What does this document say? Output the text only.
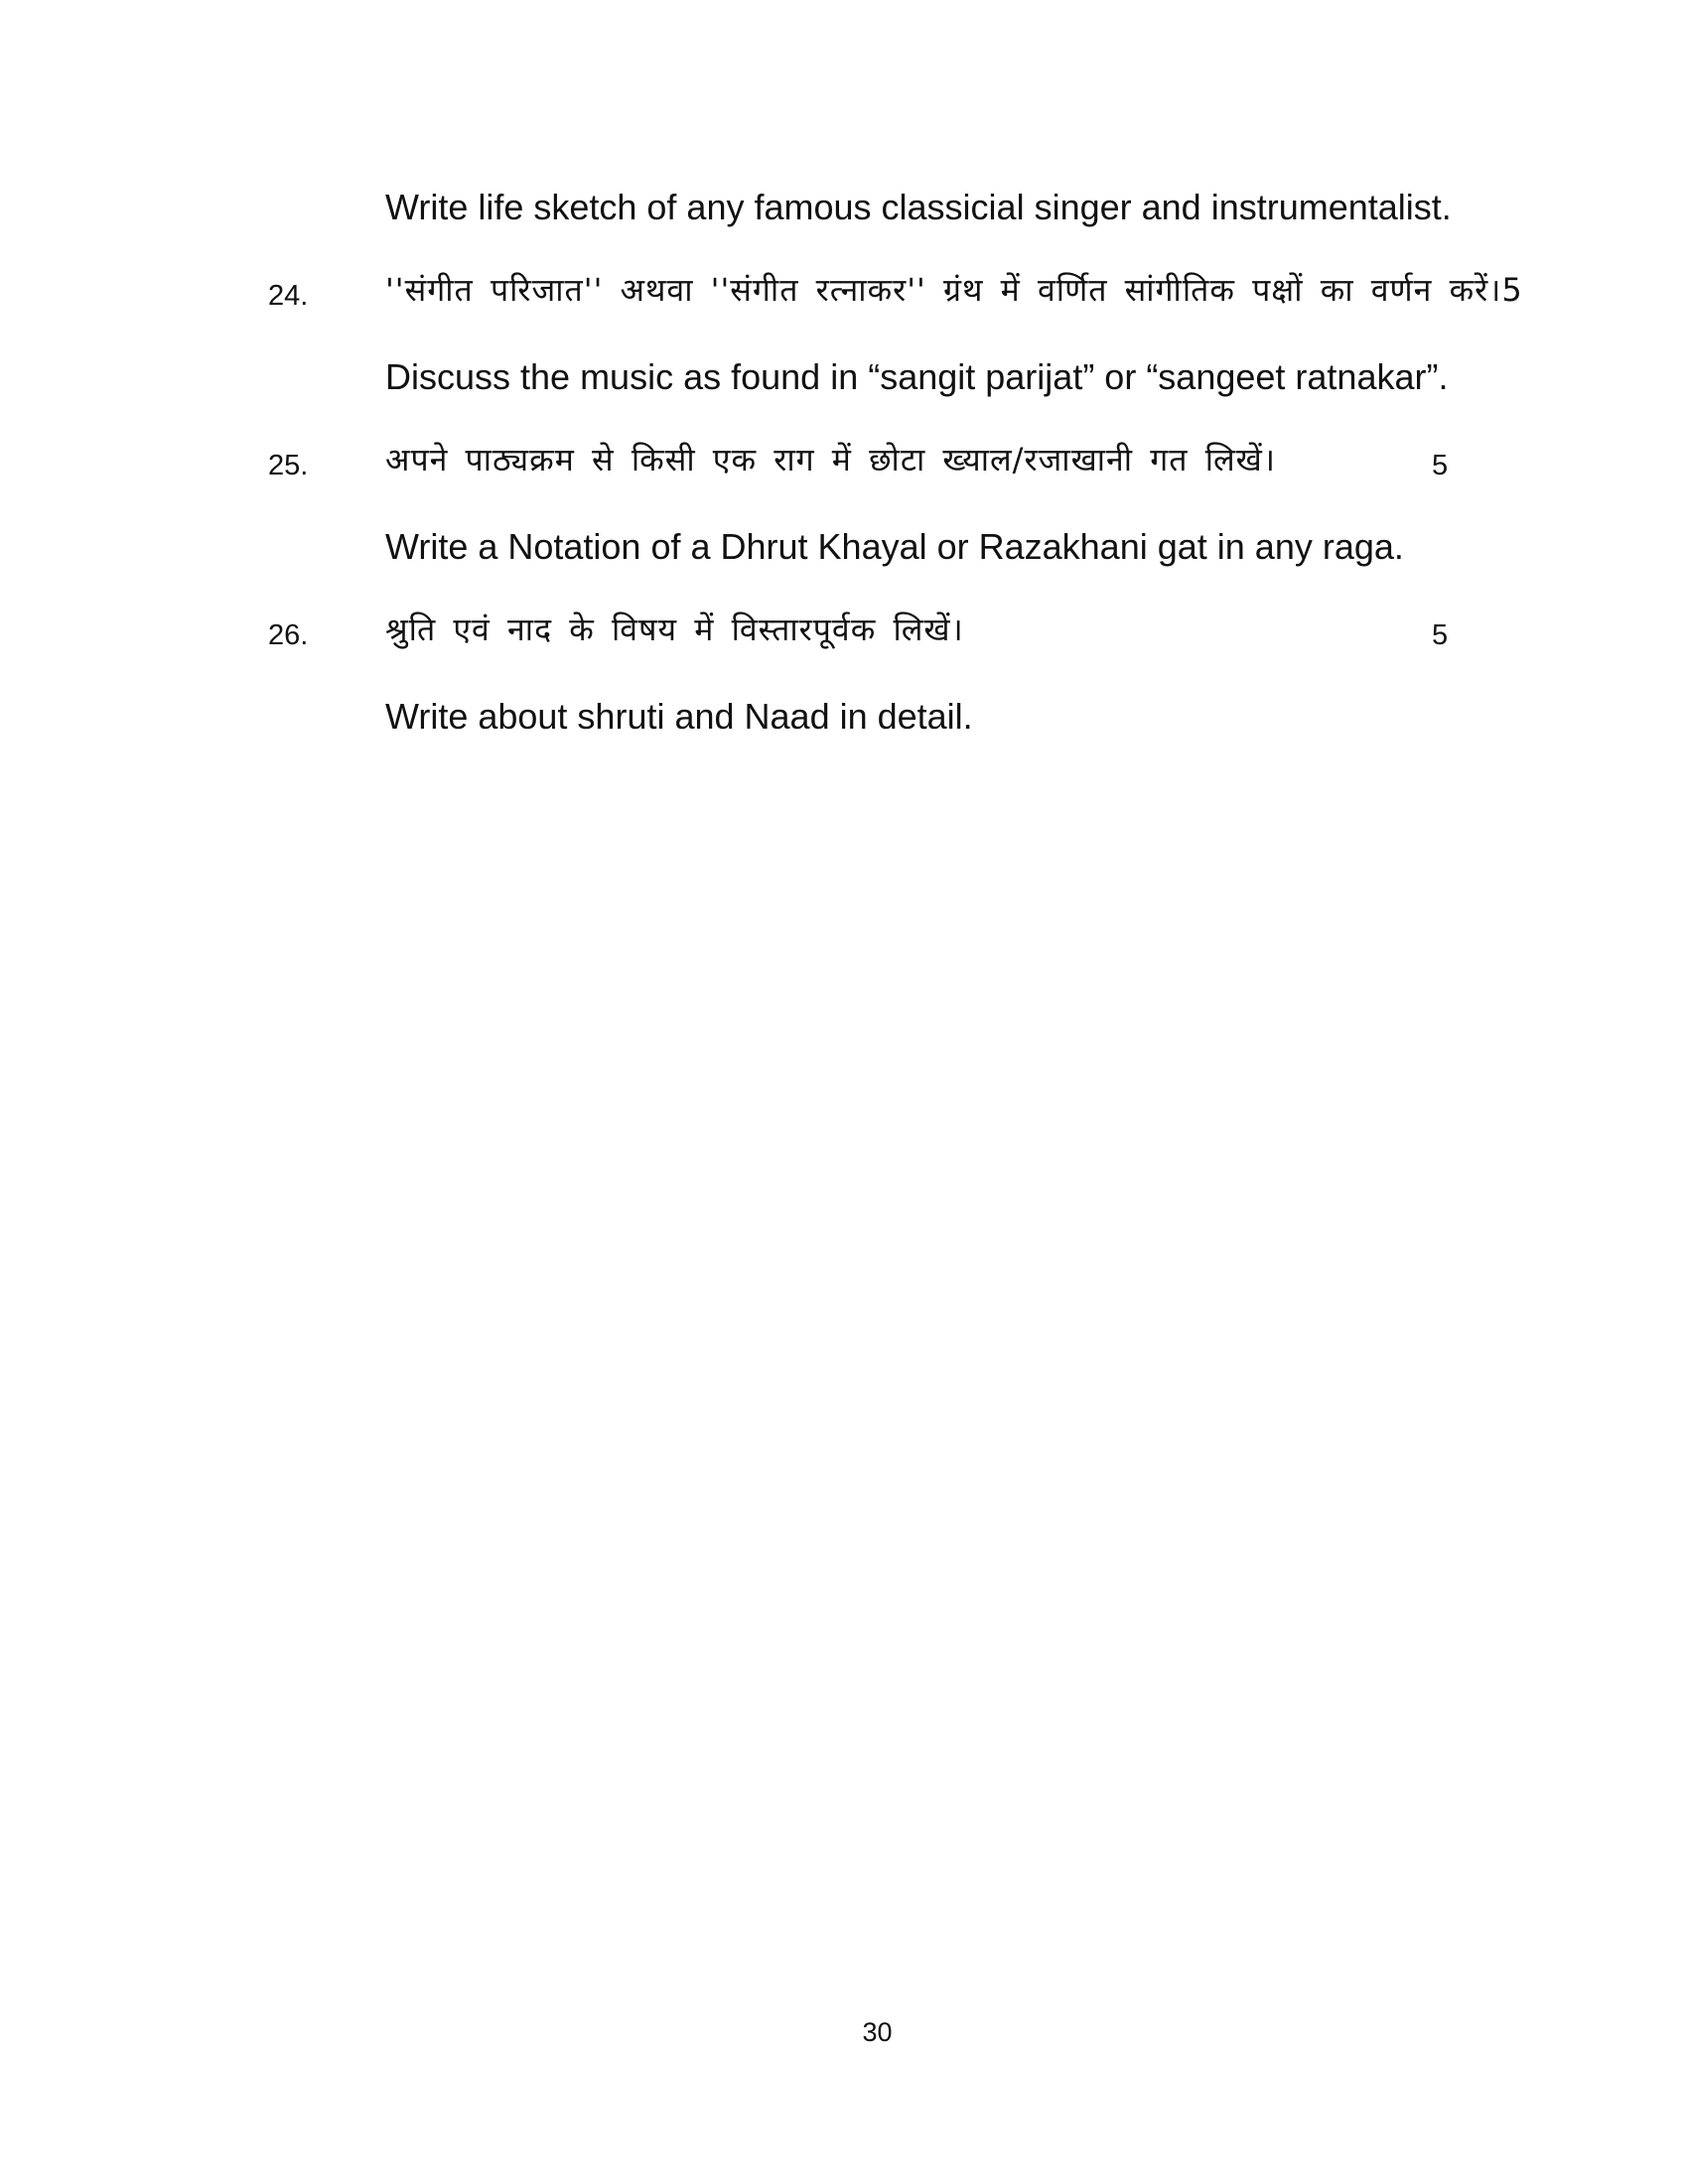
Write life sketch of any famous classicial singer and instrumentalist.
24. ''संगीत परिजात'' अथवा ''संगीत रत्नाकर'' ग्रंथ में वर्णित सांगीतिक पक्षों का वर्णन करें।5
Discuss the music as found in “sangit parijat” or “sangeet ratnakar”.
25. अपने पाठ्यक्रम से किसी एक राग में छोटा ख्याल/रजाखानी गत लिखें।	5
Write a Notation of a Dhrut Khayal or Razakhani gat in any raga.
26. श्रुति एवं नाद के विषय में विस्तारपूर्वक लिखें।	5
Write about shruti and Naad in detail.
30
